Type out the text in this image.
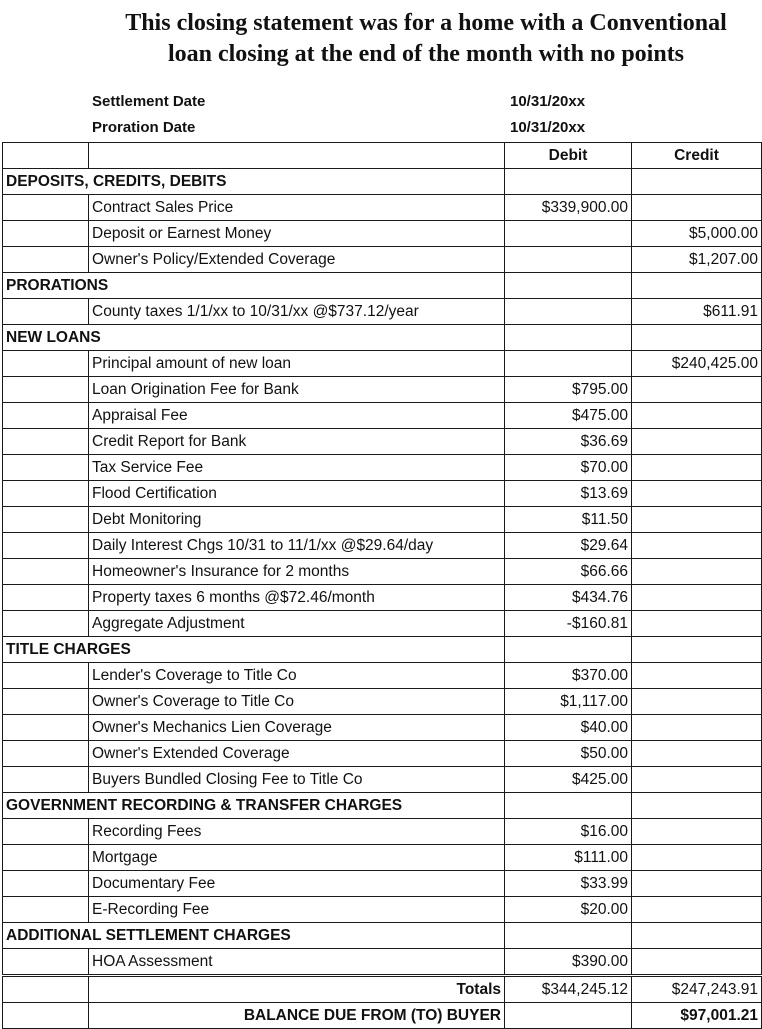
This closing statement was for a home with a Conventional
loan closing at the end of the month with no points
Settlement Date	10/31/20xx
Proration Date	10/31/20xx
		Debit	Credit
DEPOSITS, CREDITS, DEBITS			
	Contract Sales Price	$339,900.00	
	Deposit or Earnest Money		$5,000.00
	Owner's Policy/Extended Coverage		$1,207.00
PRORATIONS			
	County taxes 1/1/xx to 10/31/xx @$737.12/year		$611.91
NEW LOANS			
	Principal amount of new loan		$240,425.00
	Loan Origination Fee for Bank	$795.00	
	Appraisal Fee	$475.00	
	Credit Report for Bank	$36.69	
	Tax Service Fee	$70.00	
	Flood Certification	$13.69	
	Debt Monitoring	$11.50	
	Daily Interest Chgs 10/31 to 11/1/xx @$29.64/day	$29.64	
	Homeowner's Insurance for 2 months	$66.66	
	Property taxes 6 months @$72.46/month	$434.76	
	Aggregate Adjustment	-$160.81	
TITLE CHARGES			
	Lender's Coverage to Title Co	$370.00	
	Owner's Coverage to Title Co	$1,117.00	
	Owner's Mechanics Lien Coverage	$40.00	
	Owner's Extended Coverage	$50.00	
	Buyers Bundled Closing Fee to Title Co	$425.00	
GOVERNMENT RECORDING & TRANSFER CHARGES			
	Recording Fees	$16.00	
	Mortgage	$111.00	
	Documentary Fee	$33.99	
	E-Recording Fee	$20.00	
ADDITIONAL SETTLEMENT CHARGES			
	HOA Assessment	$390.00	
	Totals	$344,245.12	$247,243.91
	BALANCE DUE FROM (TO) BUYER		$97,001.21
